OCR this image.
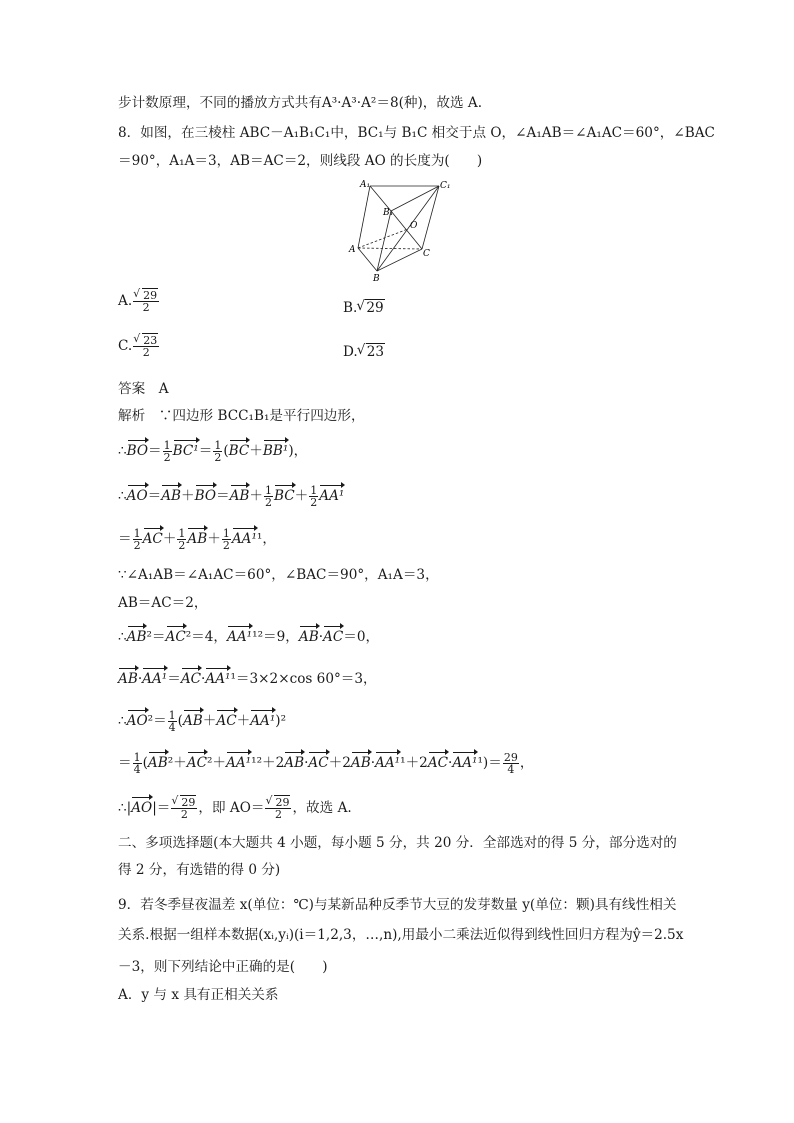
步计数原理，不同的播放方式共有A³·A³·A²＝8(种)，故选 A.
8．如图，在三棱柱 ABC－A₁B₁C₁中，BC₁与 B₁C 相交于点 O，∠A₁AB＝∠A₁AC＝60°，∠BAC
＝90°，A₁A＝3，AB＝AC＝2，则线段 AO 的长度为(　　)
A. √ $\frac{29}{2}$	B. √ 29
C. √ $\frac{23}{2}$	D. √ 23
答案　A
解析　∵四边形 BCC₁B₁是平行四边形，
∴BO＝ $\frac{1}{2} BC^1= \frac{1}{2} (BC+BB^1)$，
∴AO＝AB＋BO＝AB＋ $\frac{1}{2} BC+ \frac{1}{2} AA^1$
＝ $\frac{1}{2} AC+ \frac{1}{2} AB+ \frac{1}{2} AA^{11}$，
∵∠A₁AB＝∠A₁AC＝60°，∠BAC＝90°，A₁A＝3，
AB＝AC＝2，
∴AB²＝AC²＝4，AA¹¹²＝9，AB·AC＝0，
AB·AA¹＝AC·AA¹¹＝3×2×cos 60°＝3，
∴AO²＝ $\frac{1}{4} (AB+AC+AA^1)^2$
＝ $\frac{1}{4} (AB^2+AC^2+AA^{112}+2AB\cdot AC+2AB\cdot AA^{11}+2AC\cdot AA^{11})= \frac{29}{4}$ ，
∴|AO|＝ √ $\frac{29}{2}$ ，即 AO＝ √ $\frac{29}{2}$ ，故选 A.
二、多项选择题(本大题共 4 小题，每小题 5 分，共 20 分．全部选对的得 5 分，部分选对的
得 2 分，有选错的得 0 分)
9．若冬季昼夜温差 x(单位：℃)与某新品种反季节大豆的发芽数量 y(单位：颗)具有线性相关
关系.根据一组样本数据(xᵢ,yᵢ)(i＝1,2,3，…,n),用最小二乘法近似得到线性回归方程为ŷ＝2.5x
－3，则下列结论中正确的是(　　)
A．y 与 x 具有正相关关系
A₁	C₁
B₁
O
A
B
C
